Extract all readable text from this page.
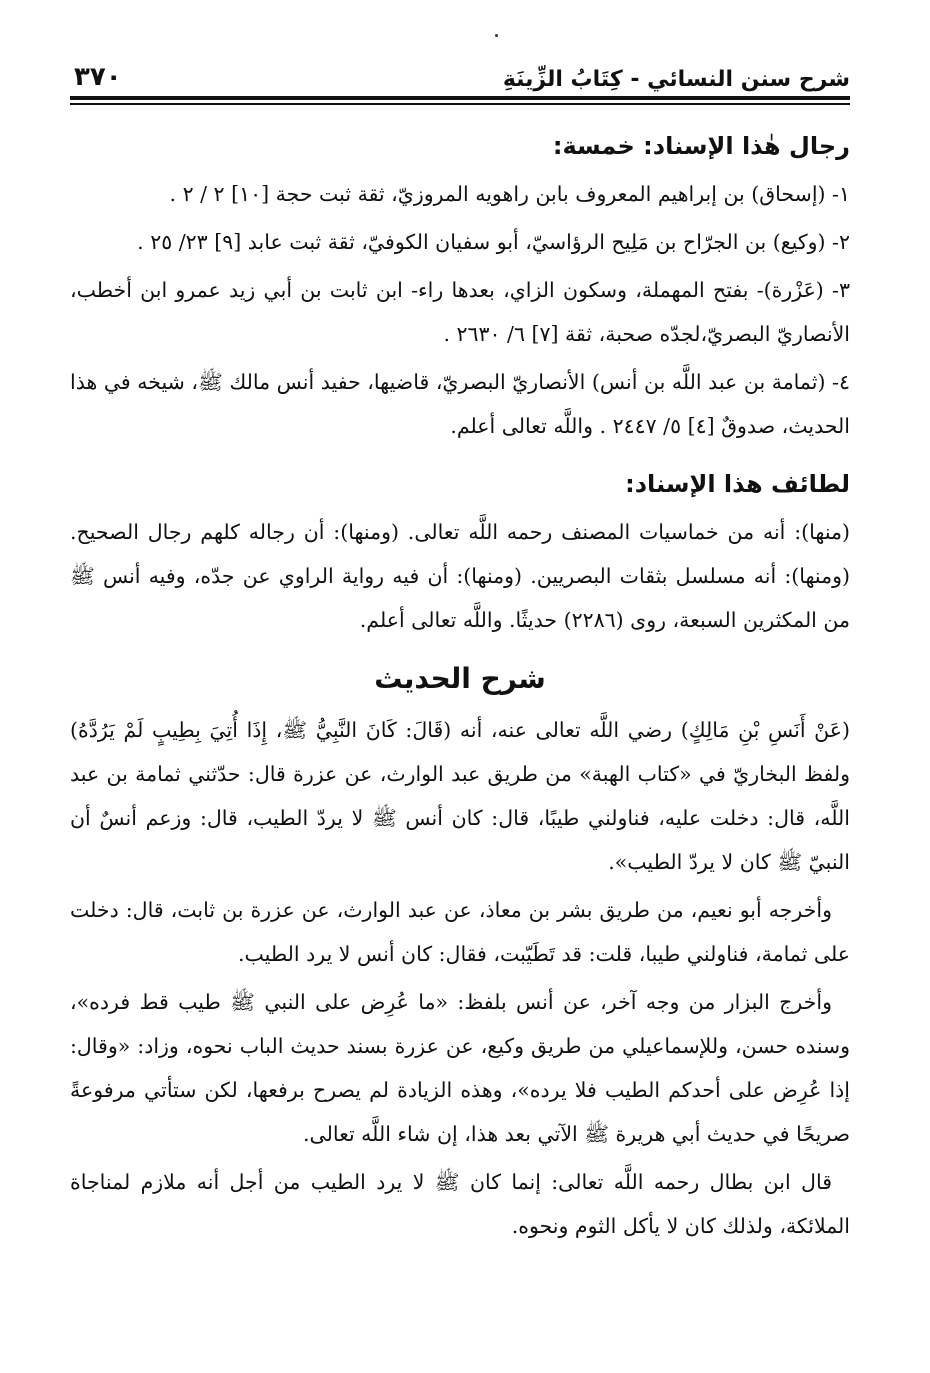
شرح سنن النسائي - كِتَابُ الزِّينَةِ
٣٧٠
رجال هٰذا الإسناد: خمسة:

١- (إسحاق) بن إبراهيم المعروف بابن راهويه المروزيّ، ثقة ثبت حجة [١٠] ٢ / ٢ .

٢- (وكيع) بن الجرّاح بن مَلِيح الرؤاسيّ، أبو سفيان الكوفيّ، ثقة ثبت عابد [٩] ٢٣/ ٢٥ .

٣- (عَزْرة)- بفتح المهملة، وسكون الزاي، بعدها راء- ابن ثابت بن أبي زيد عمرو ابن أخطب، الأنصاريّ البصريّ،لجدّه صحبة، ثقة [٧] ٦/ ٢٦٣٠ .

٤- (ثمامة بن عبد اللَّه بن أنس) الأنصاريّ البصريّ، قاضيها، حفيد أنس مالك ﷺ، شيخه في هذا الحديث، صدوقٌ [٤] ٥/ ٢٤٤٧ . واللَّه تعالى أعلم.

لطائف هذا الإسناد:

(منها): أنه من خماسيات المصنف رحمه اللَّه تعالى. (ومنها): أن رجاله كلهم رجال الصحيح. (ومنها): أنه مسلسل بثقات البصريين. (ومنها): أن فيه رواية الراوي عن جدّه، وفيه أنس ﷺ من المكثرين السبعة، روى (٢٢٨٦) حديثًا. واللَّه تعالى أعلم.

شرح الحديث

(عَنْ أَنَسِ بْنِ مَالِكٍ) رضي اللَّه تعالى عنه، أنه (قَالَ: كَانَ النَّبِيُّ ﷺ، إِذَا أُتِيَ بِطِيبٍ لَمْ يَرُدَّهُ) ولفظ البخاريّ في «كتاب الهبة» من طريق عبد الوارث، عن عزرة قال: حدّثني ثمامة بن عبد اللَّه، قال: دخلت عليه، فناولني طيبًا، قال: كان أنس ﷺ لا يردّ الطيب، قال: وزعم أنسٌ أن النبيّ ﷺ كان لا يردّ الطيب».

وأخرجه أبو نعيم، من طريق بشر بن معاذ، عن عبد الوارث، عن عزرة بن ثابت، قال: دخلت على ثمامة، فناولني طيبا، قلت: قد تَطَيّبت، فقال: كان أنس لا يرد الطيب.

وأخرج البزار من وجه آخر، عن أنس بلفظ: «ما عُرِض على النبي ﷺ طيب قط فرده»، وسنده حسن، وللإسماعيلي من طريق وكيع، عن عزرة بسند حديث الباب نحوه، وزاد: «وقال: إذا عُرِض على أحدكم الطيب فلا يرده»، وهذه الزيادة لم يصرح برفعها، لكن ستأتي مرفوعةً صريحًا في حديث أبي هريرة ﷺ الآتي بعد هذا، إن شاء اللَّه تعالى.

قال ابن بطال رحمه اللَّه تعالى: إنما كان ﷺ لا يرد الطيب من أجل أنه ملازم لمناجاة الملائكة، ولذلك كان لا يأكل الثوم ونحوه.
